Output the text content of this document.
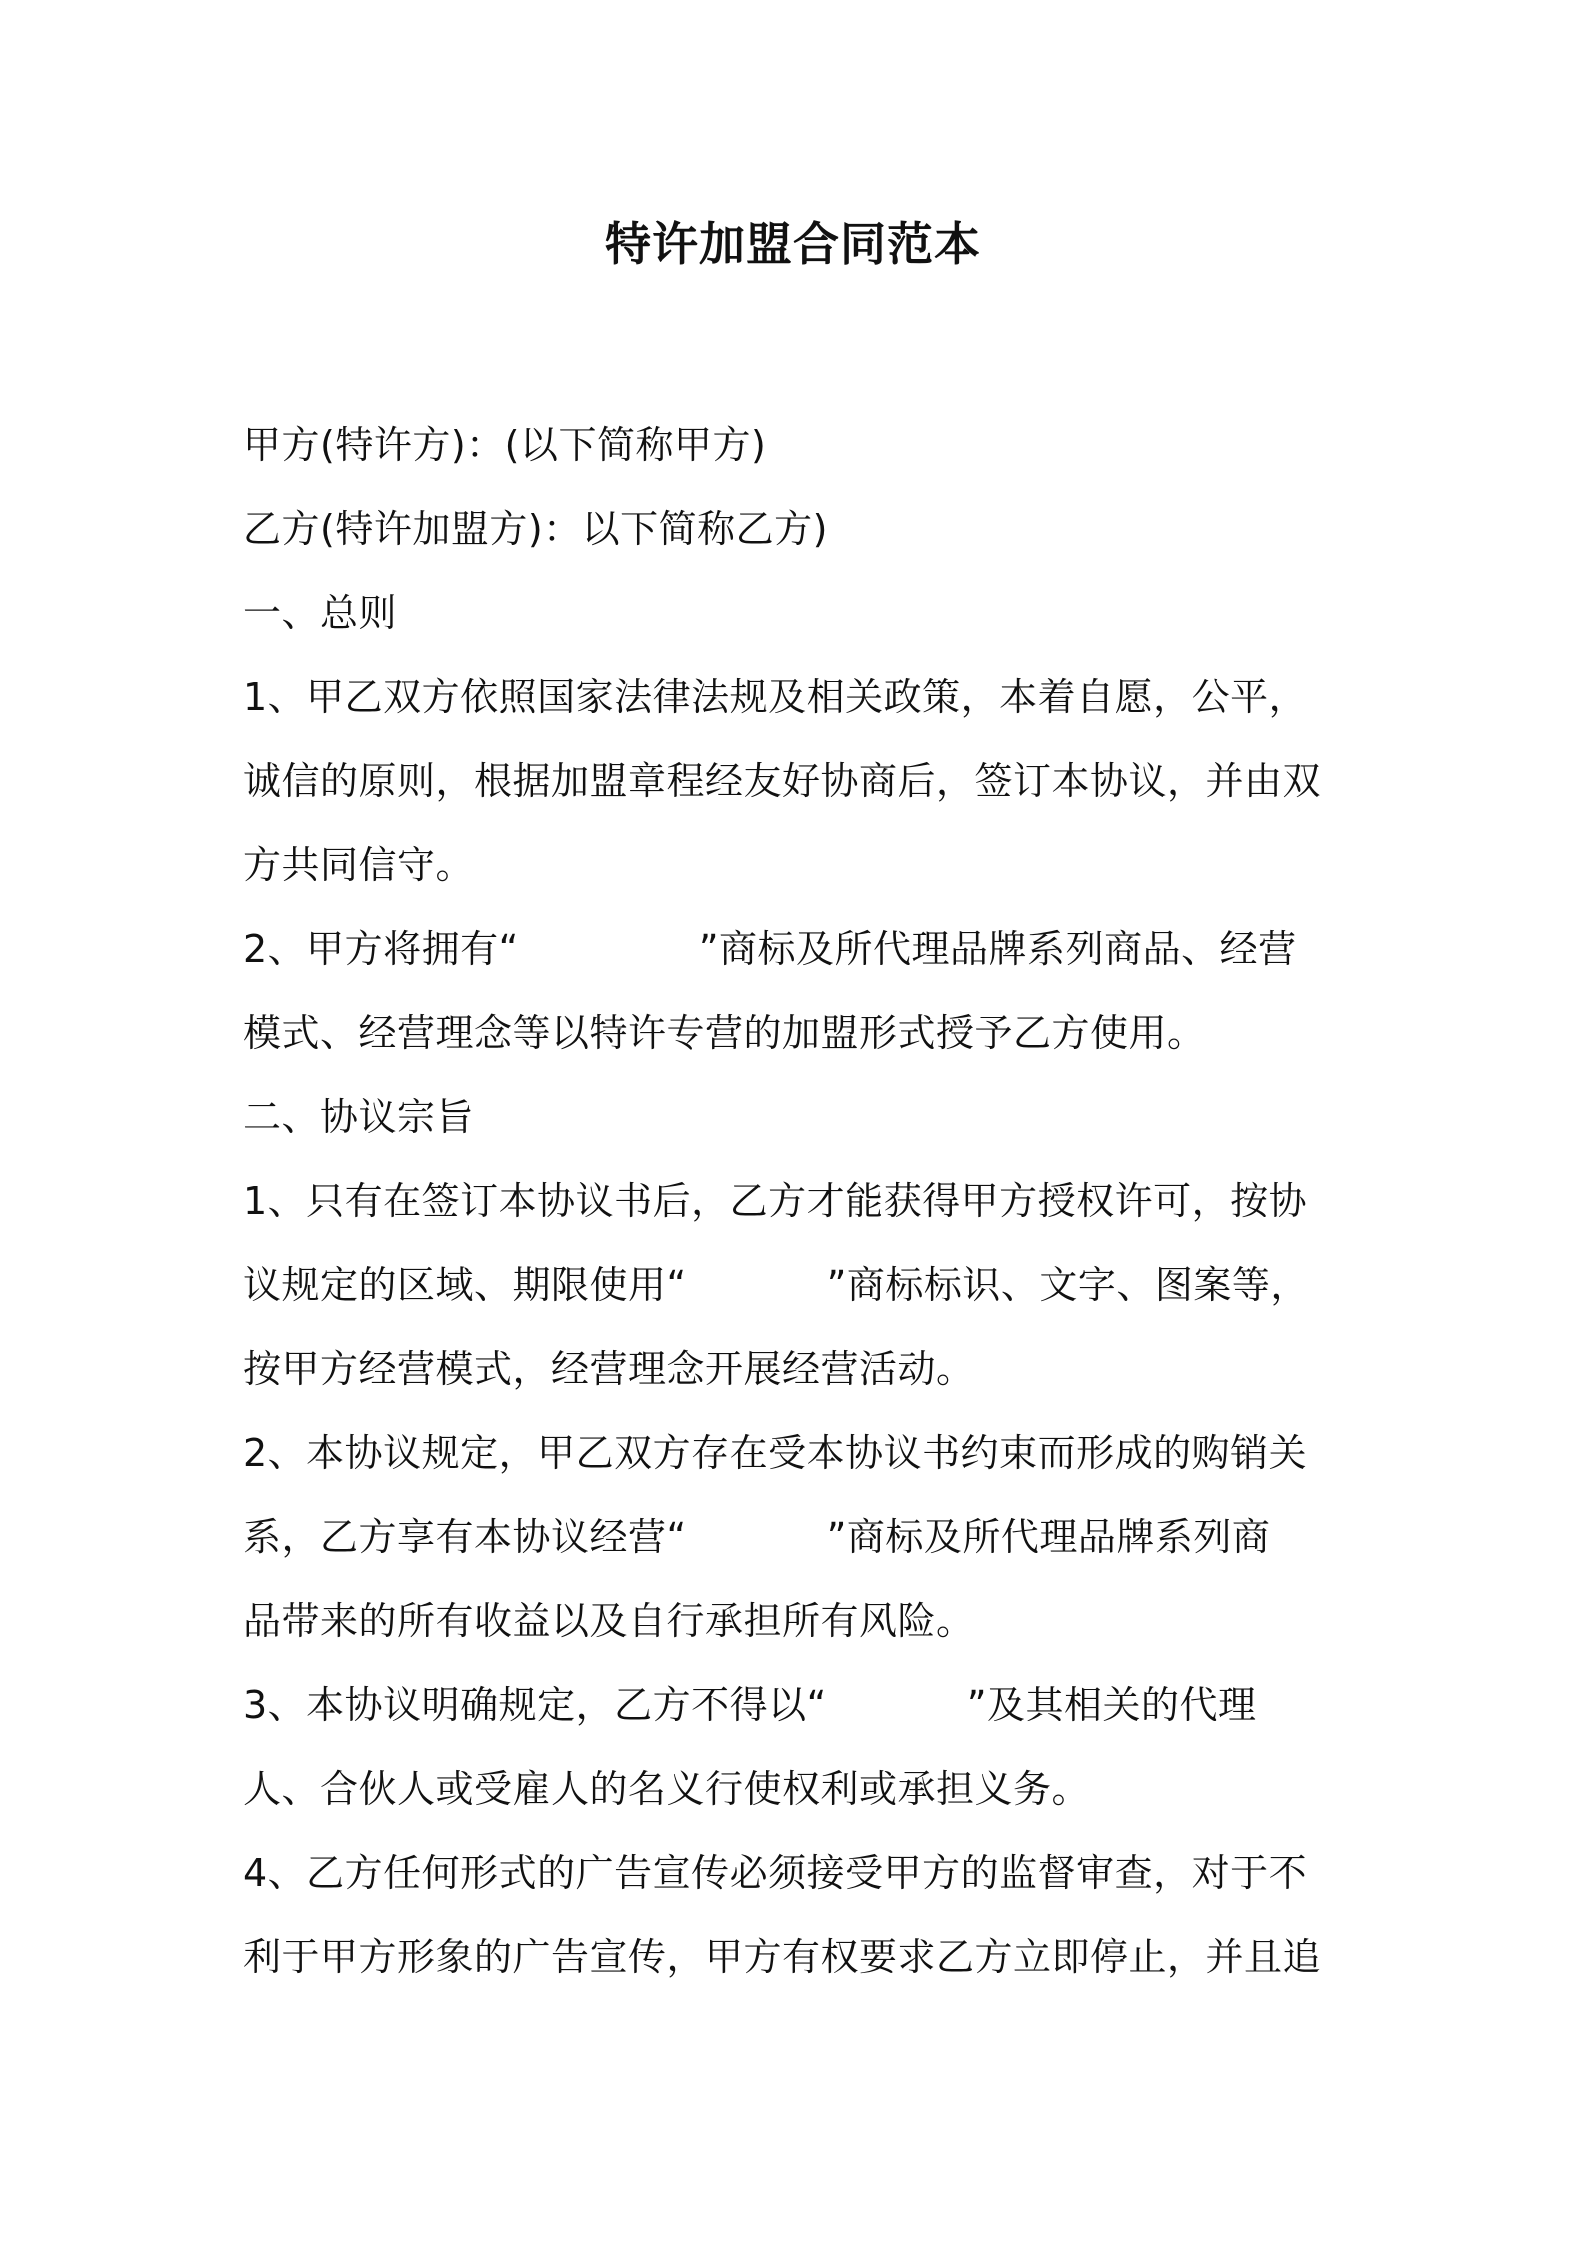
特许加盟合同范本
甲方(特许方)：(以下简称甲方)
乙方(特许加盟方)：以下简称乙方)
一、总则
1、甲乙双方依照国家法律法规及相关政策，本着自愿，公平，
诚信的原则，根据加盟章程经友好协商后，签订本协议，并由双
方共同信守。
2、甲方将拥有“	”商标及所代理品牌系列商品、经营
模式、经营理念等以特许专营的加盟形式授予乙方使用。
二、协议宗旨
1、只有在签订本协议书后，乙方才能获得甲方授权许可，按协
议规定的区域、期限使用“	”商标标识、文字、图案等，
按甲方经营模式，经营理念开展经营活动。
2、本协议规定，甲乙双方存在受本协议书约束而形成的购销关
系，乙方享有本协议经营“	”商标及所代理品牌系列商
品带来的所有收益以及自行承担所有风险。
3、本协议明确规定，乙方不得以“	”及其相关的代理
人、合伙人或受雇人的名义行使权利或承担义务。
4、乙方任何形式的广告宣传必须接受甲方的监督审查，对于不
利于甲方形象的广告宣传，甲方有权要求乙方立即停止，并且追
